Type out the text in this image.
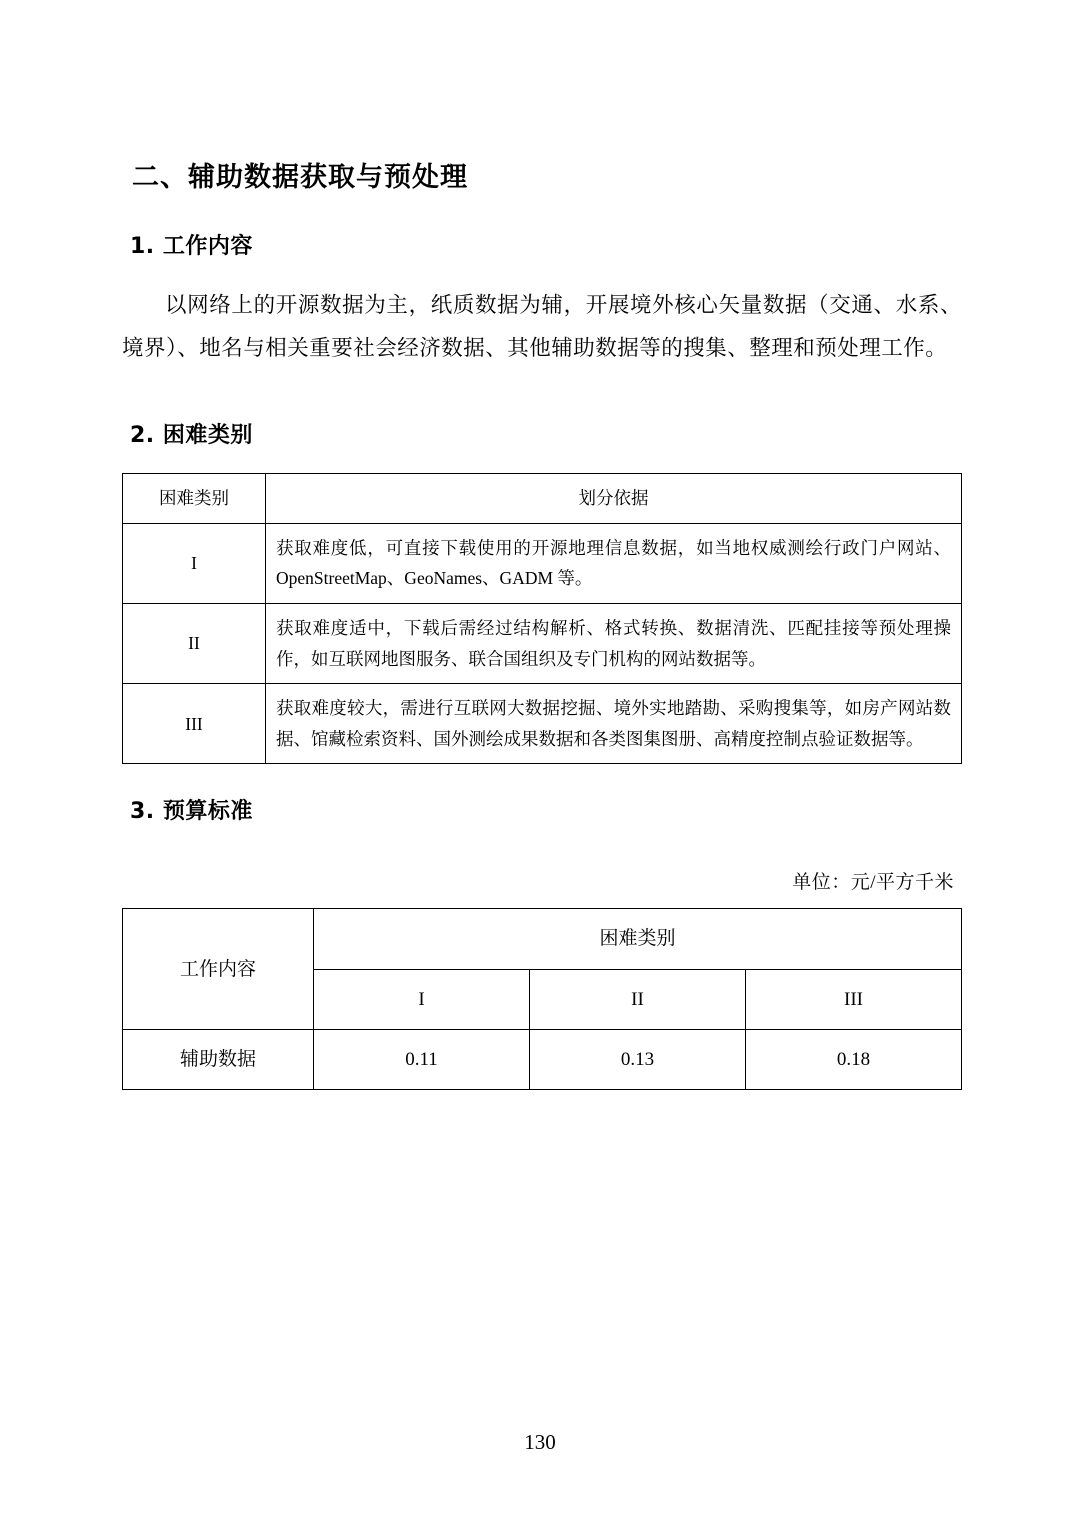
二、辅助数据获取与预处理
1. 工作内容

以网络上的开源数据为主，纸质数据为辅，开展境外核心矢量数据（交通、水系、境界）、地名与相关重要社会经济数据、其他辅助数据等的搜集、整理和预处理工作。

2. 困难类别
困难类别	划分依据
I	获取难度低，可直接下载使用的开源地理信息数据，如当地权威测绘行政门户网站、OpenStreetMap、GeoNames、GADM 等。
II	获取难度适中，下载后需经过结构解析、格式转换、数据清洗、匹配挂接等预处理操作，如互联网地图服务、联合国组织及专门机构的网站数据等。
III	获取难度较大，需进行互联网大数据挖掘、境外实地踏勘、采购搜集等，如房产网站数据、馆藏检索资料、国外测绘成果数据和各类图集图册、高精度控制点验证数据等。
3. 预算标准
单位：元/平方千米
工作内容	困难类别		
	I	II	III
辅助数据	0.11	0.13	0.18
130
